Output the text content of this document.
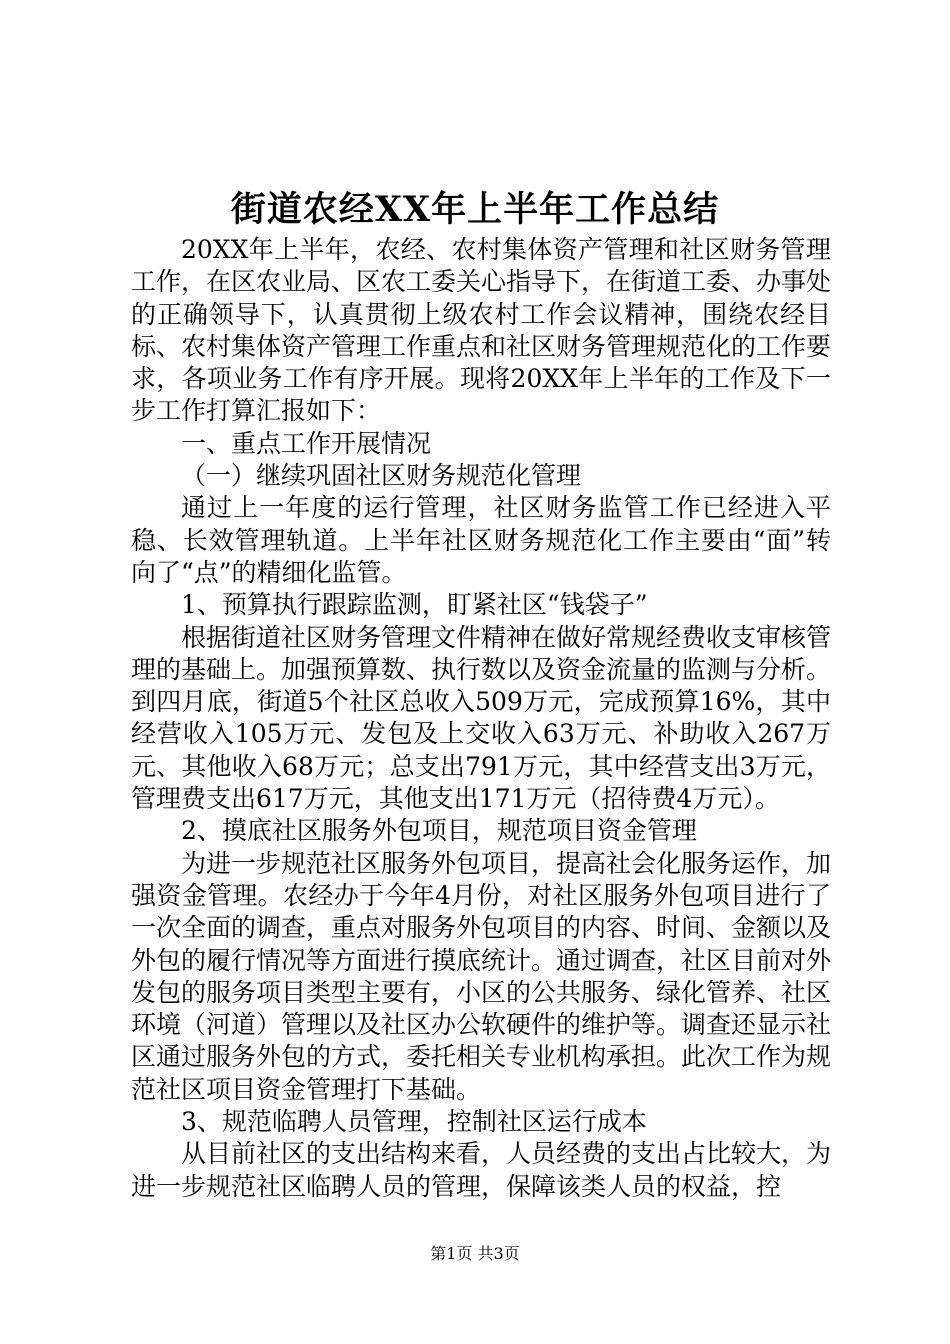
街道农经XX年上半年工作总结

20XX年上半年，农经、农村集体资产管理和社区财务管理工作，在区农业局、区农工委关心指导下，在街道工委、办事处的正确领导下，认真贯彻上级农村工作会议精神，围绕农经目标、农村集体资产管理工作重点和社区财务管理规范化的工作要求，各项业务工作有序开展。现将20XX年上半年的工作及下一步工作打算汇报如下：

一、重点工作开展情况

（一）继续巩固社区财务规范化管理

通过上一年度的运行管理，社区财务监管工作已经进入平稳、长效管理轨道。上半年社区财务规范化工作主要由“面”转向了“点”的精细化监管。

1、预算执行跟踪监测，盯紧社区“钱袋子”

根据街道社区财务管理文件精神在做好常规经费收支审核管理的基础上。加强预算数、执行数以及资金流量的监测与分析。到四月底，街道5个社区总收入509万元，完成预算16%，其中经营收入105万元、发包及上交收入63万元、补助收入267万元、其他收入68万元；总支出791万元，其中经营支出3万元，管理费支出617万元，其他支出171万元（招待费4万元）。

2、摸底社区服务外包项目，规范项目资金管理

为进一步规范社区服务外包项目，提高社会化服务运作，加强资金管理。农经办于今年4月份，对社区服务外包项目进行了一次全面的调查，重点对服务外包项目的内容、时间、金额以及外包的履行情况等方面进行摸底统计。通过调查，社区目前对外发包的服务项目类型主要有，小区的公共服务、绿化管养、社区环境（河道）管理以及社区办公软硬件的维护等。调查还显示社区通过服务外包的方式，委托相关专业机构承担。此次工作为规范社区项目资金管理打下基础。

3、规范临聘人员管理，控制社区运行成本

从目前社区的支出结构来看，人员经费的支出占比较大，为进一步规范社区临聘人员的管理，保障该类人员的权益，控

第1页 共3页
